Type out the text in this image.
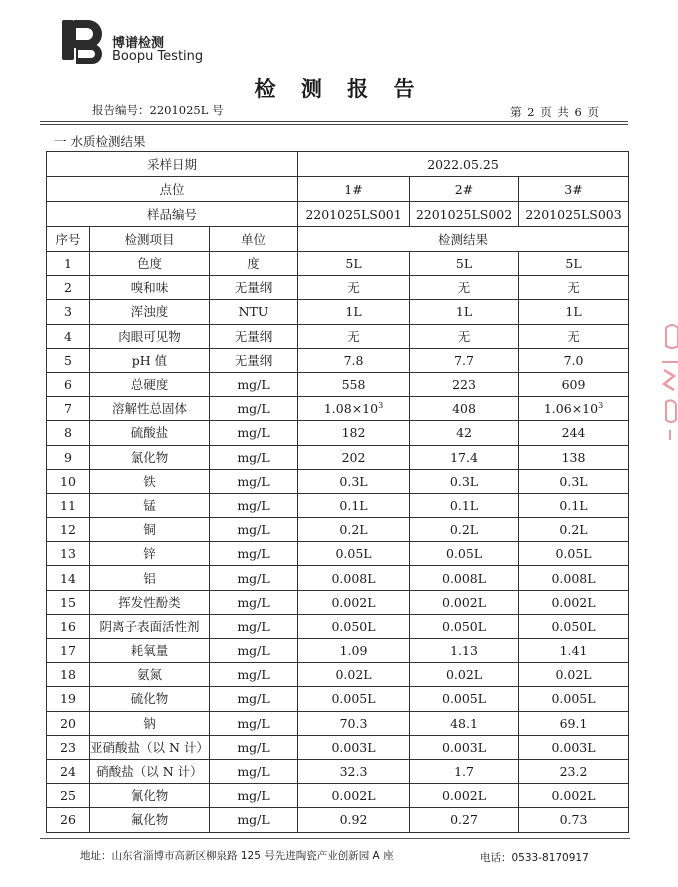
博谱检测
Boopu Testing
检 测 报 告
报告编号：2201025L 号	第 2 页 共 6 页
一 水质检测结果
采样日期			2022.05.25		
点位			1#	2#	3#
样品编号			2201025LS001	2201025LS002	2201025LS003
序号	检测项目	单位	检测结果		
1	色度	度	5L	5L	5L
2	嗅和味	无量纲	无	无	无
3	浑浊度	NTU	1L	1L	1L
4	肉眼可见物	无量纲	无	无	无
5	pH 值	无量纲	7.8	7.7	7.0
6	总硬度	mg/L	558	223	609
7	溶解性总固体	mg/L	$1.08\times 10^3$	408	$1.06\times 10^3$
8	硫酸盐	mg/L	182	42	244
9	氯化物	mg/L	202	17.4	138
10	铁	mg/L	0.3L	0.3L	0.3L
11	锰	mg/L	0.1L	0.1L	0.1L
12	铜	mg/L	0.2L	0.2L	0.2L
13	锌	mg/L	0.05L	0.05L	0.05L
14	铝	mg/L	0.008L	0.008L	0.008L
15	挥发性酚类	mg/L	0.002L	0.002L	0.002L
16	阴离子表面活性剂	mg/L	0.050L	0.050L	0.050L
17	耗氧量	mg/L	1.09	1.13	1.41
18	氨氮	mg/L	0.02L	0.02L	0.02L
19	硫化物	mg/L	0.005L	0.005L	0.005L
20	钠	mg/L	70.3	48.1	69.1
23	亚硝酸盐（以 N 计）	mg/L	0.003L	0.003L	0.003L
24	硝酸盐（以 N 计）	mg/L	32.3	1.7	23.2
25	氰化物	mg/L	0.002L	0.002L	0.002L
26	氟化物	mg/L	0.92	0.27	0.73
地址：山东省淄博市高新区柳泉路 125 号先进陶瓷产业创新园 A 座	电话：0533-8170917
